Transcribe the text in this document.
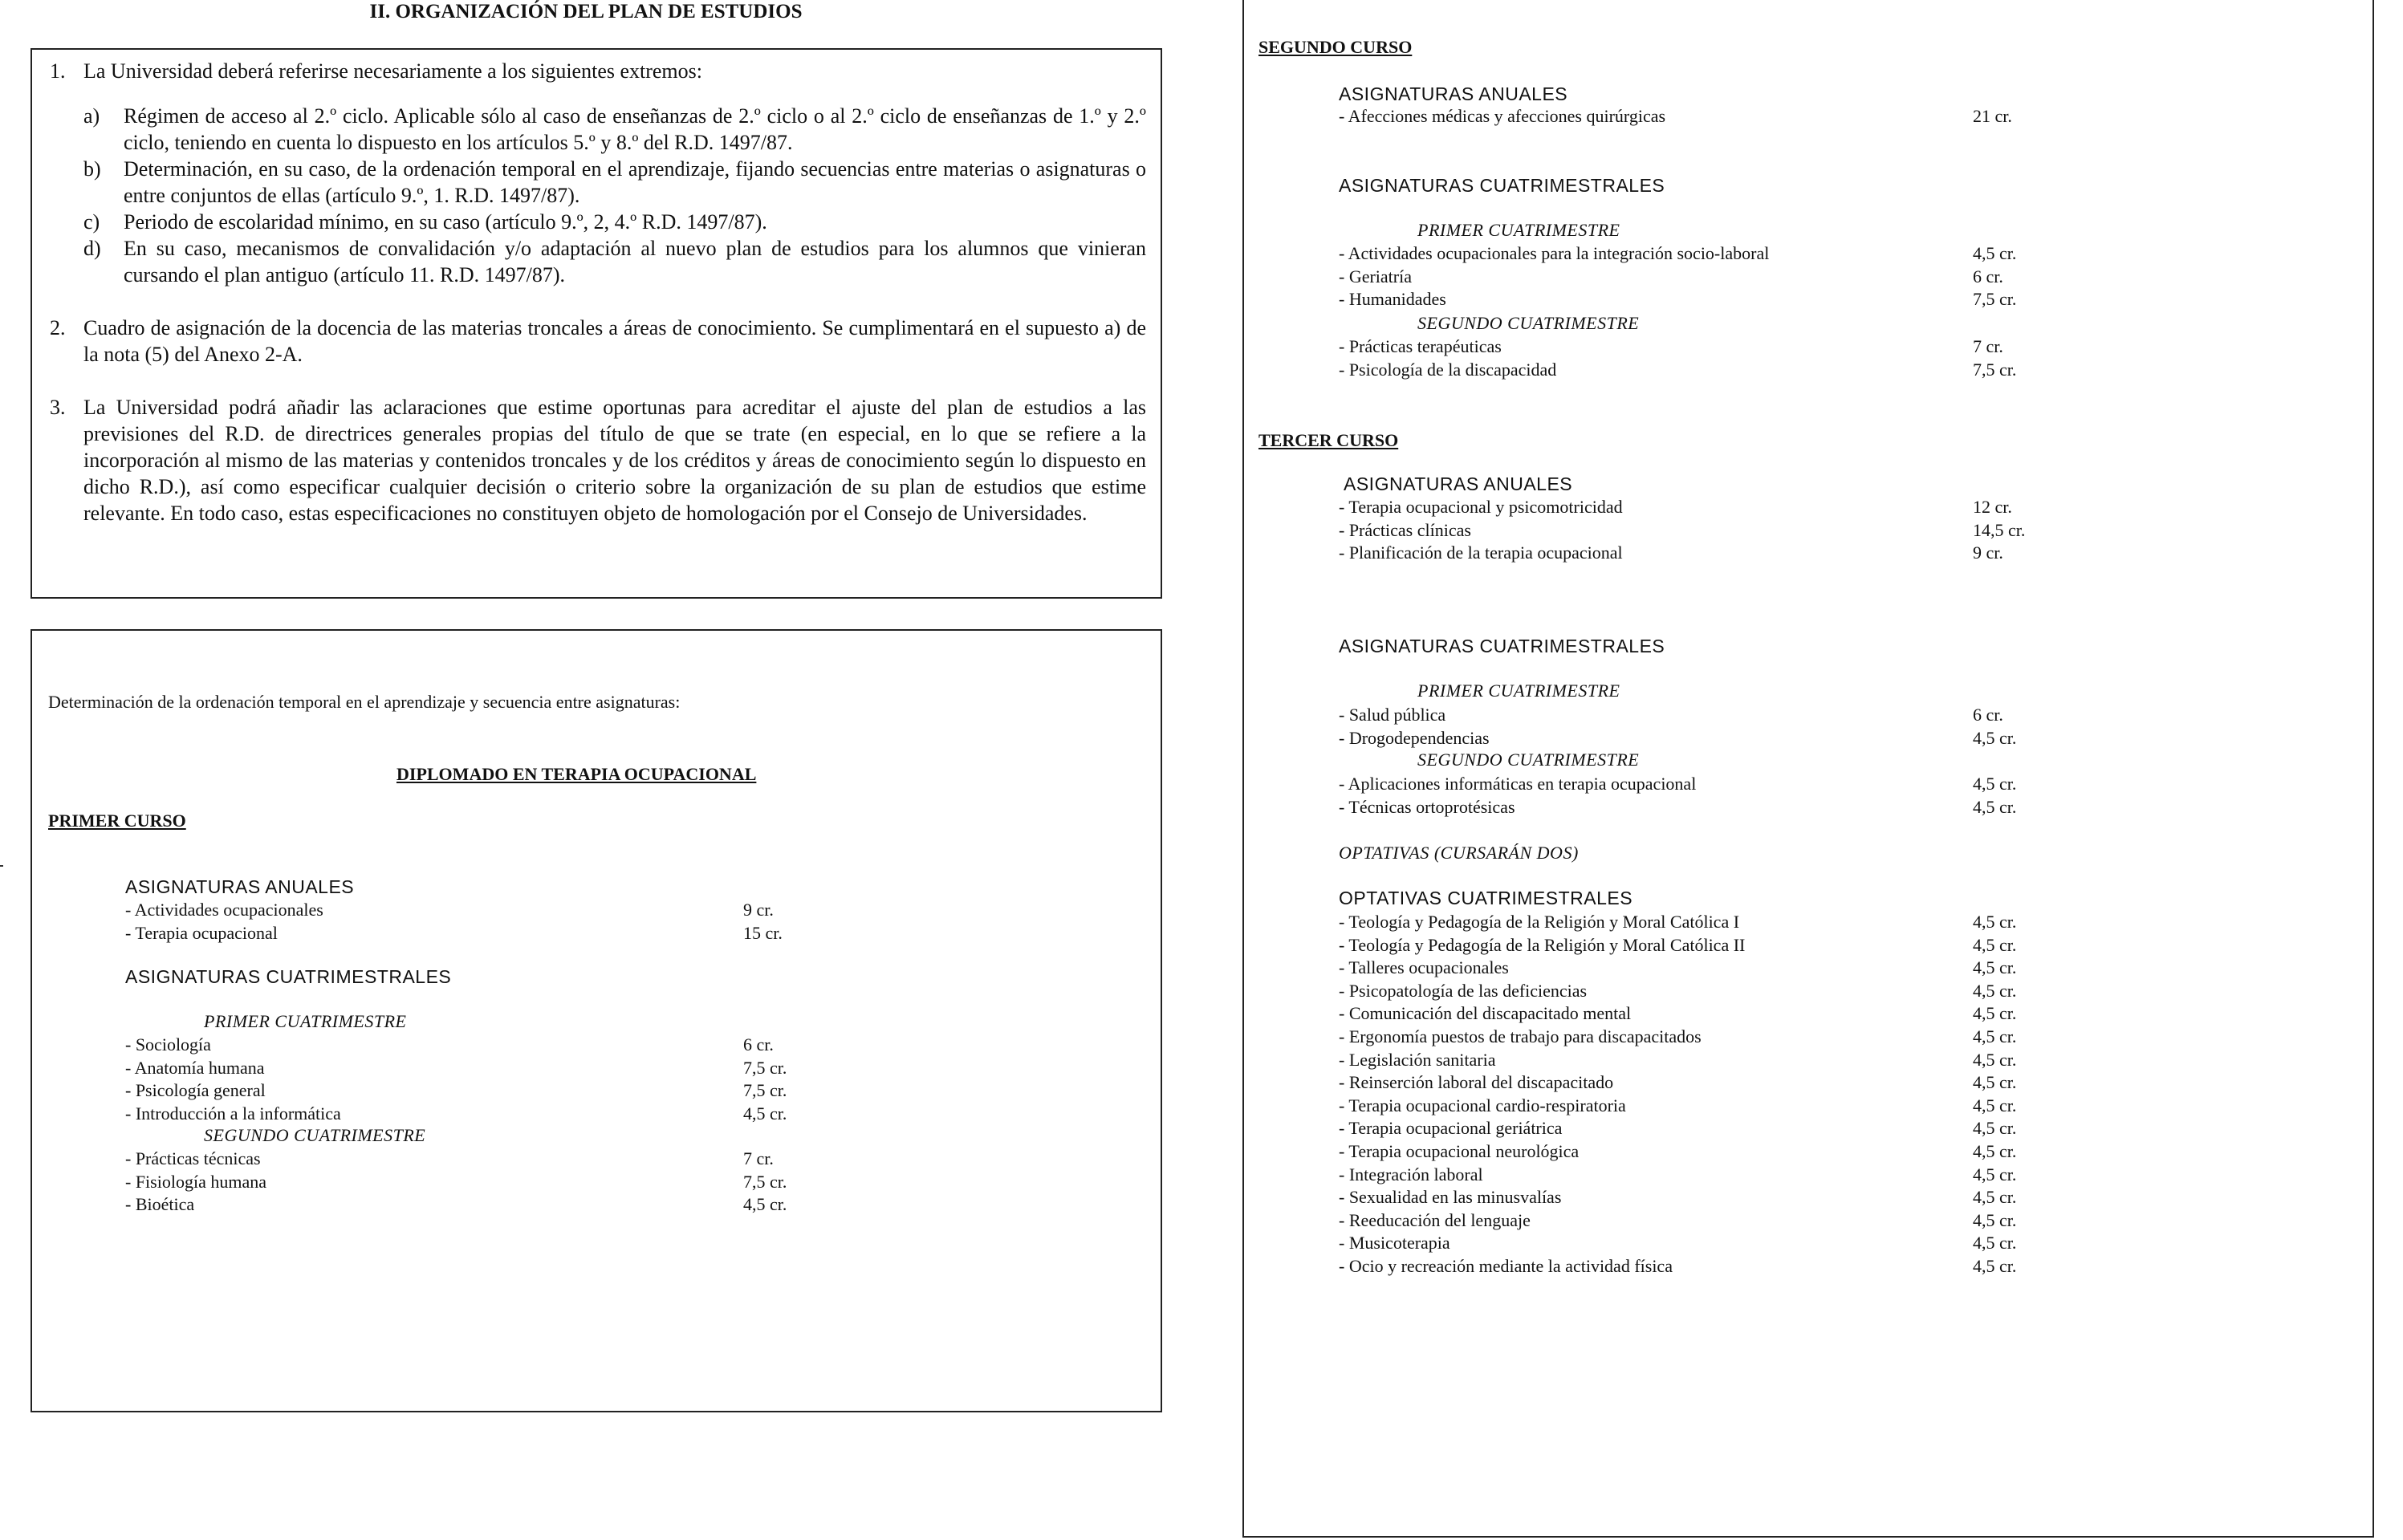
II. ORGANIZACIÓN DEL PLAN DE ESTUDIOS
1. La Universidad deberá referirse necesariamente a los siguientes extremos:
a) Régimen de acceso al 2.º ciclo. Aplicable sólo al caso de enseñanzas de 2.º ciclo o al 2.º ciclo de enseñanzas de 1.º y 2.º ciclo, teniendo en cuenta lo dispuesto en los artículos 5.º y 8.º del R.D. 1497/87.
b) Determinación, en su caso, de la ordenación temporal en el aprendizaje, fijando secuencias entre materias o asignaturas o entre conjuntos de ellas (artículo 9.º, 1. R.D. 1497/87).
c) Periodo de escolaridad mínimo, en su caso (artículo 9.º, 2, 4.º R.D. 1497/87).
d) En su caso, mecanismos de convalidación y/o adaptación al nuevo plan de estudios para los alumnos que vinieran cursando el plan antiguo (artículo 11. R.D. 1497/87).
2. Cuadro de asignación de la docencia de las materias troncales a áreas de conocimiento. Se cumplimentará en el supuesto a) de la nota (5) del Anexo 2-A.
3. La Universidad podrá añadir las aclaraciones que estime oportunas para acreditar el ajuste del plan de estudios a las previsiones del R.D. de directrices generales propias del título de que se trate (en especial, en lo que se refiere a la incorporación al mismo de las materias y contenidos troncales y de los créditos y áreas de conocimiento según lo dispuesto en dicho R.D.), así como especificar cualquier decisión o criterio sobre la organización de su plan de estudios que estime relevante. En todo caso, estas especificaciones no constituyen objeto de homologación por el Consejo de Universidades.
Determinación de la ordenación temporal en el aprendizaje y secuencia entre asignaturas:
DIPLOMADO EN TERAPIA OCUPACIONAL
PRIMER CURSO
ASIGNATURAS ANUALES
- Actividades ocupacionales	9 cr.
- Terapia ocupacional	15 cr.
ASIGNATURAS CUATRIMESTRALES
PRIMER CUATRIMESTRE
- Sociología	6 cr.
- Anatomía humana	7,5 cr.
- Psicología general	7,5 cr.
- Introducción a la informática	4,5 cr.
SEGUNDO CUATRIMESTRE
- Prácticas técnicas	7 cr.
- Fisiología humana	7,5 cr.
- Bioética	4,5 cr.
SEGUNDO CURSO
ASIGNATURAS ANUALES
- Afecciones médicas y afecciones quirúrgicas	21 cr.
ASIGNATURAS CUATRIMESTRALES
PRIMER CUATRIMESTRE
- Actividades ocupacionales para la integración socio-laboral	4,5 cr.
- Geriatría	6 cr.
- Humanidades	7,5 cr.
SEGUNDO CUATRIMESTRE
- Prácticas terapéuticas	7 cr.
- Psicología de la discapacidad	7,5 cr.
TERCER CURSO
ASIGNATURAS ANUALES
- Terapia ocupacional y psicomotricidad	12 cr.
- Prácticas clínicas	14,5 cr.
- Planificación de la terapia ocupacional	9 cr.
ASIGNATURAS CUATRIMESTRALES
PRIMER CUATRIMESTRE
- Salud pública	6 cr.
- Drogodependencias	4,5 cr.
SEGUNDO CUATRIMESTRE
- Aplicaciones informáticas en terapia ocupacional	4,5 cr.
- Técnicas ortoprotésicas	4,5 cr.
OPTATIVAS (CURSARÁN DOS)
OPTATIVAS CUATRIMESTRALES
- Teología y Pedagogía de la Religión y Moral Católica I	4,5 cr.
- Teología y Pedagogía de la Religión y Moral Católica II	4,5 cr.
- Talleres ocupacionales	4,5 cr.
- Psicopatología de las deficiencias	4,5 cr.
- Comunicación del discapacitado mental	4,5 cr.
- Ergonomía puestos de trabajo para discapacitados	4,5 cr.
- Legislación sanitaria	4,5 cr.
- Reinserción laboral del discapacitado	4,5 cr.
- Terapia ocupacional cardio-respiratoria	4,5 cr.
- Terapia ocupacional geriátrica	4,5 cr.
- Terapia ocupacional neurológica	4,5 cr.
- Integración laboral	4,5 cr.
- Sexualidad en las minusvalías	4,5 cr.
- Reeducación del lenguaje	4,5 cr.
- Musicoterapia	4,5 cr.
- Ocio y recreación mediante la actividad física	4,5 cr.
